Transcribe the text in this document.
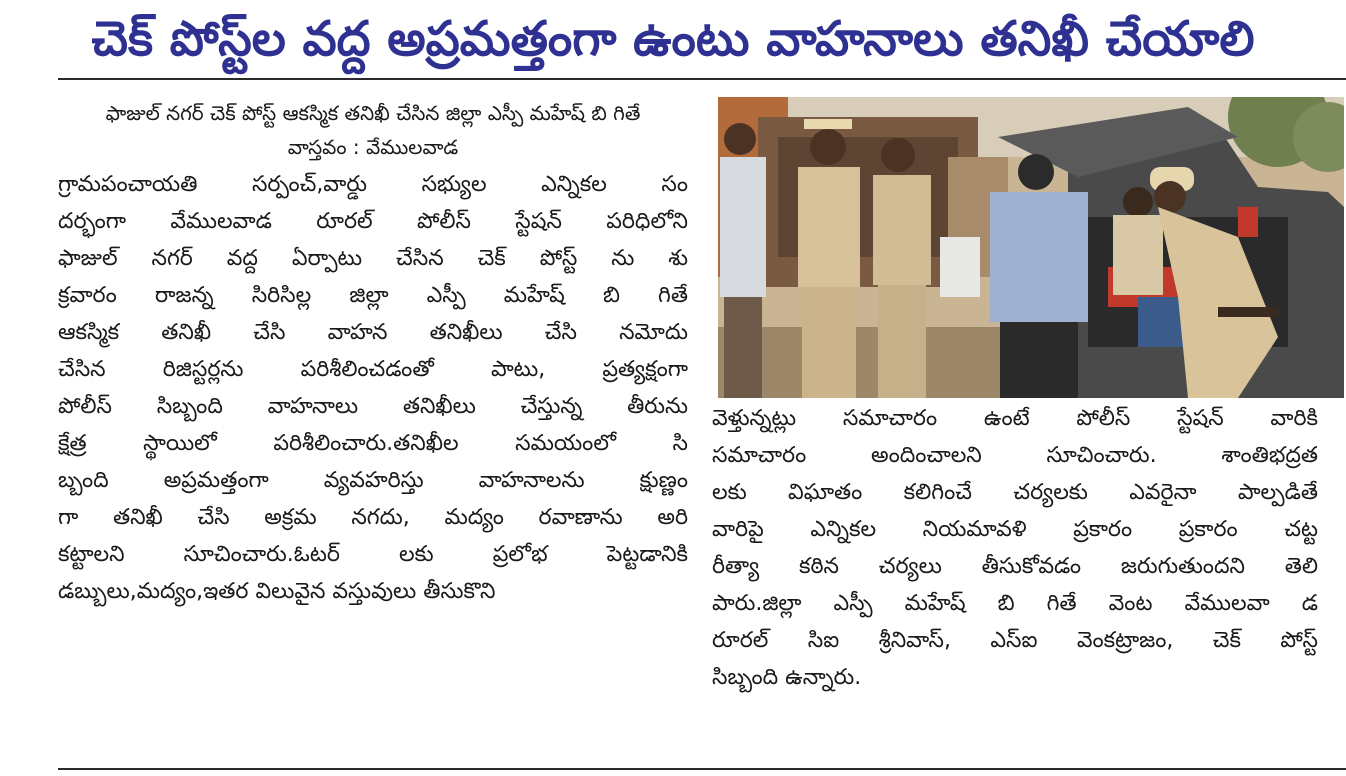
చెక్ పోస్ట్‌ల వద్ద అప్రమత్తంగా ఉంటు వాహనాలు తనిఖీ చేయాలి
ఫాజుల్ నగర్ చెక్ పోస్ట్ ఆకస్మిక తనిఖీ చేసిన జిల్లా ఎస్పీ మహేష్ బి గితే
వాస్తవం : వేములవాడ
గ్రామపంచాయతి సర్పంచ్,వార్డు సభ్యుల ఎన్నికల సం
దర్భంగా వేములవాడ రూరల్ పోలీస్ స్టేషన్ పరిధిలోని
ఫాజుల్ నగర్ వద్ద ఏర్పాటు చేసిన చెక్ పోస్ట్ ను శు
క్రవారం రాజన్న సిరిసిల్ల జిల్లా ఎస్పీ మహేష్ బి గితే
ఆకస్మిక తనిఖీ చేసి వాహన తనిఖీలు చేసి నమోదు
చేసిన రిజిస్టర్లను పరిశీలించడంతో పాటు, ప్రత్యక్షంగా
పోలీస్ సిబ్బంది వాహనాలు తనిఖీలు చేస్తున్న తీరును
క్షేత్ర స్థాయిలో పరిశీలించారు.తనిఖీల సమయంలో సి
బ్బంది అప్రమత్తంగా వ్యవహరిస్తు వాహనాలను క్షుణ్ణం
గా తనిఖీ చేసి అక్రమ నగదు, మద్యం రవాణాను అరి
కట్టాలని సూచించారు.ఓటర్ లకు ప్రలోభ పెట్టడానికి
డబ్బులు,మద్యం,ఇతర విలువైన వస్తువులు తీసుకొని
వెళ్తున్నట్లు సమాచారం ఉంటే పోలీస్ స్టేషన్ వారికి
సమాచారం అందించాలని సూచించారు. శాంతిభద్రత
లకు విఘాతం కలిగించే చర్యలకు ఎవరైనా పాల్పడితే
వారిపై ఎన్నికల నియమావళి ప్రకారం ప్రకారం చట్ట
రీత్యా కఠిన చర్యలు తీసుకోవడం జరుగుతుందని తెలి
పారు.జిల్లా ఎస్పీ మహేష్ బి గితే వెంట వేములవా డ
రూరల్ సిఐ శ్రీనివాస్, ఎస్ఐ వెంకట్రాజం, చెక్ పోస్ట్
సిబ్బంది ఉన్నారు.
